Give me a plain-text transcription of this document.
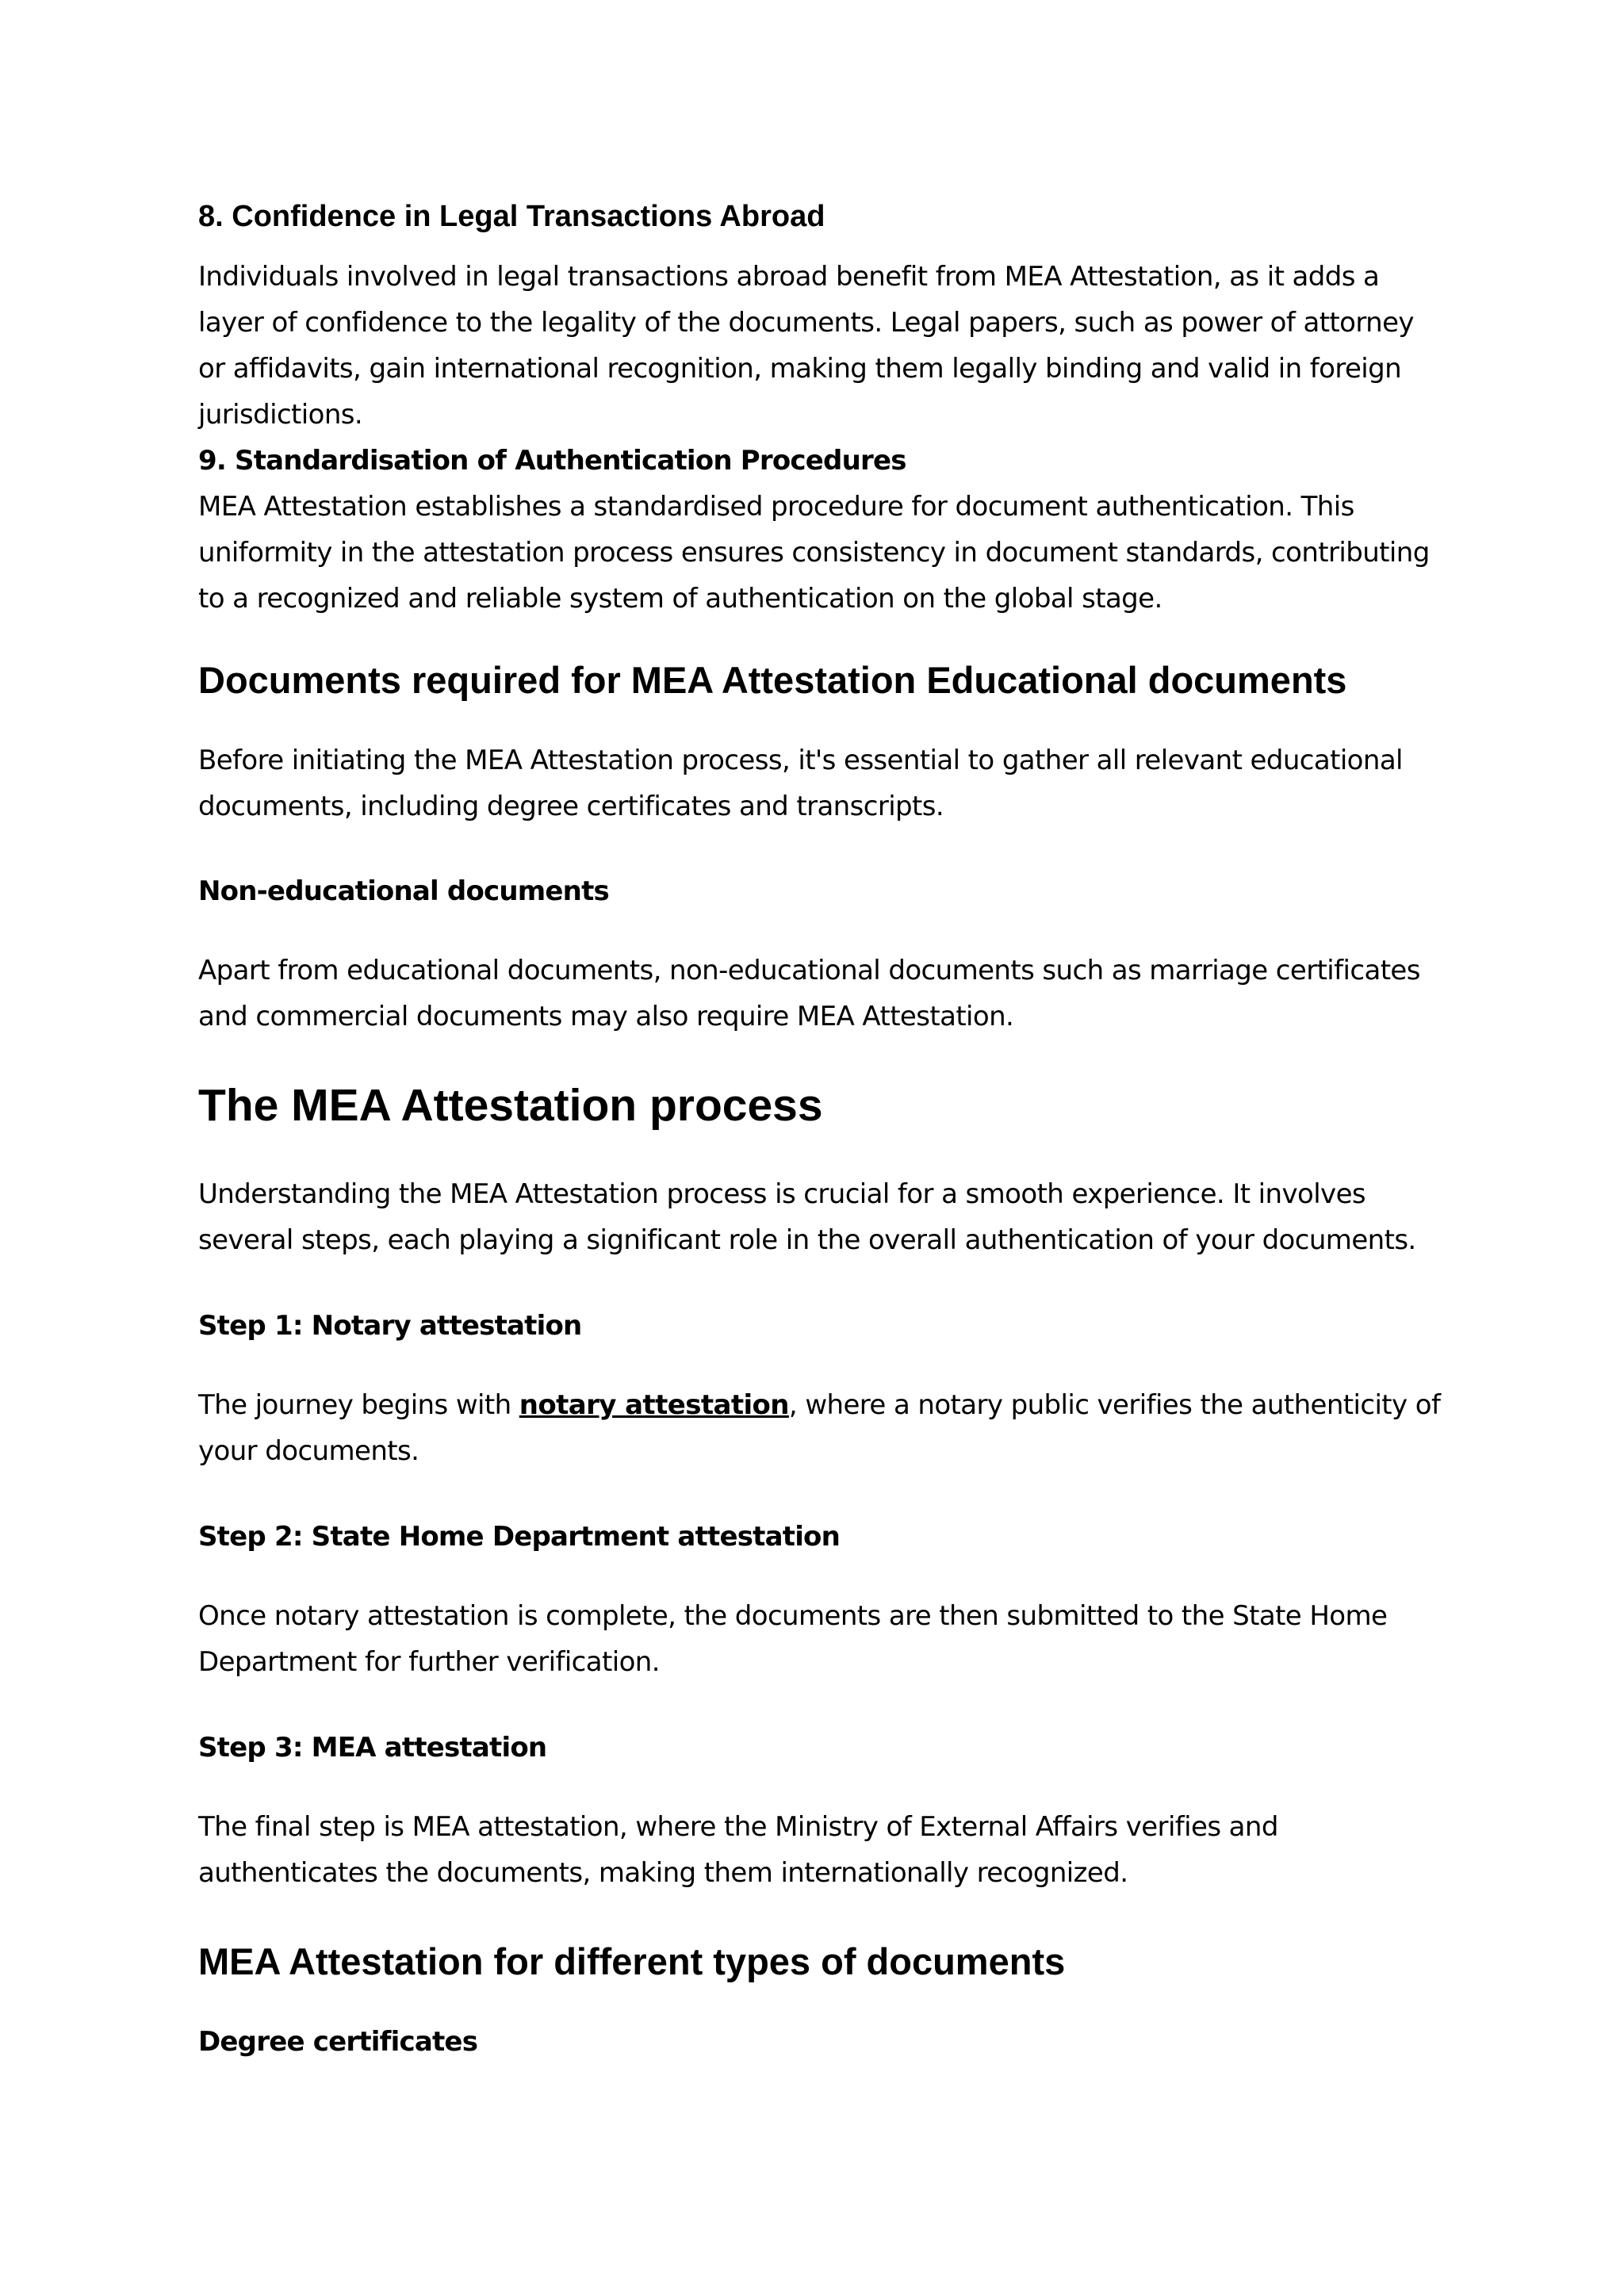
8. Confidence in Legal Transactions Abroad

Individuals involved in legal transactions abroad benefit from MEA Attestation, as it adds a

layer of confidence to the legality of the documents. Legal papers, such as power of attorney

or affidavits, gain international recognition, making them legally binding and valid in foreign

jurisdictions.

9. Standardisation of Authentication Procedures

MEA Attestation establishes a standardised procedure for document authentication. This

uniformity in the attestation process ensures consistency in document standards, contributing

to a recognized and reliable system of authentication on the global stage.

Documents required for MEA Attestation Educational documents

Before initiating the MEA Attestation process, it's essential to gather all relevant educational

documents, including degree certificates and transcripts.

Non-educational documents

Apart from educational documents, non-educational documents such as marriage certificates

and commercial documents may also require MEA Attestation.

The MEA Attestation process

Understanding the MEA Attestation process is crucial for a smooth experience. It involves

several steps, each playing a significant role in the overall authentication of your documents.

Step 1: Notary attestation

The journey begins with notary attestation, where a notary public verifies the authenticity of

your documents.

Step 2: State Home Department attestation

Once notary attestation is complete, the documents are then submitted to the State Home

Department for further verification.

Step 3: MEA attestation

The final step is MEA attestation, where the Ministry of External Affairs verifies and

authenticates the documents, making them internationally recognized.

MEA Attestation for different types of documents

Degree certificates
